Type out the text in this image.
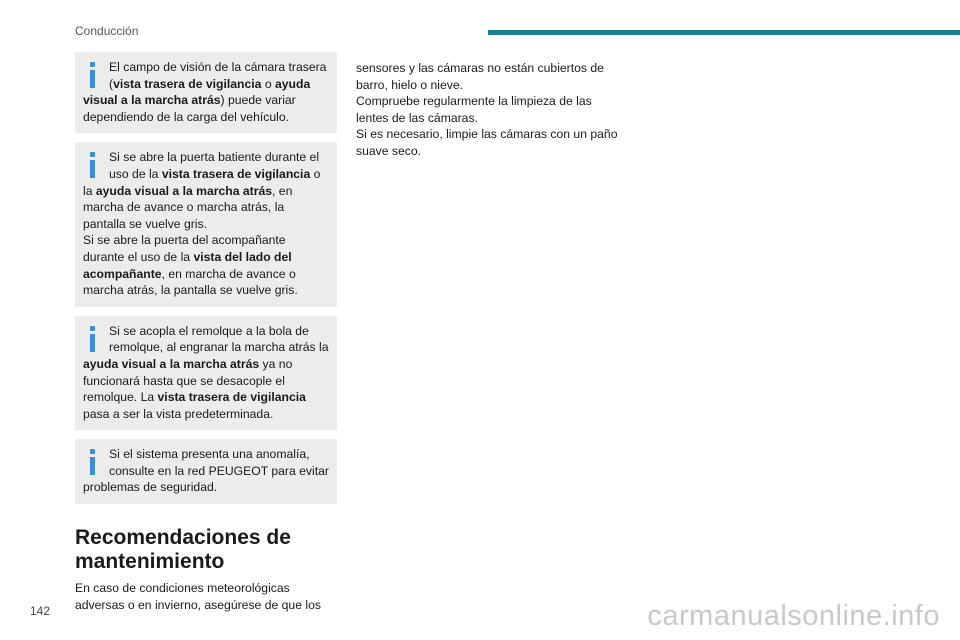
Conducción

El campo de visión de la cámara trasera (vista trasera de vigilancia o ayuda visual a la marcha atrás) puede variar dependiendo de la carga del vehículo.

Si se abre la puerta batiente durante el uso de la vista trasera de vigilancia o la ayuda visual a la marcha atrás, en marcha de avance o marcha atrás, la pantalla se vuelve gris.
Si se abre la puerta del acompañante durante el uso de la vista del lado del acompañante, en marcha de avance o marcha atrás, la pantalla se vuelve gris.

Si se acopla el remolque a la bola de remolque, al engranar la marcha atrás la ayuda visual a la marcha atrás ya no funcionará hasta que se desacople el remolque. La vista trasera de vigilancia pasa a ser la vista predeterminada.

Si el sistema presenta una anomalía, consulte en la red PEUGEOT para evitar problemas de seguridad.

Recomendaciones de mantenimiento

En caso de condiciones meteorológicas adversas o en invierno, asegúrese de que los

sensores y las cámaras no están cubiertos de barro, hielo o nieve.

Compruebe regularmente la limpieza de las lentes de las cámaras.

Si es necesario, limpie las cámaras con un paño suave seco.

142	carmanualsonline.info
